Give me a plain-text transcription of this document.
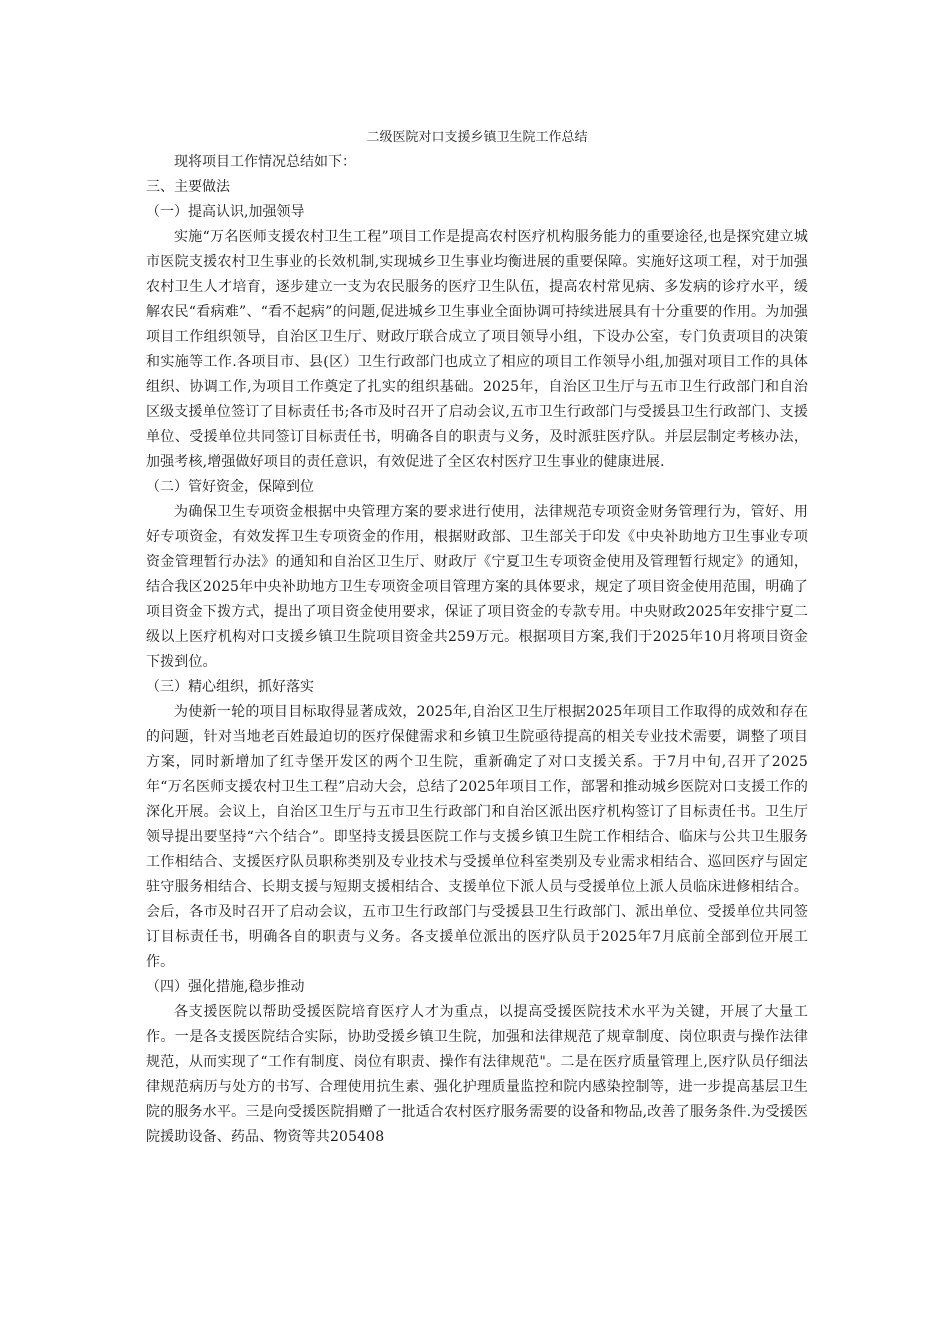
二级医院对口支援乡镇卫生院工作总结

现将项目工作情况总结如下：

三、主要做法

（一）提高认识,加强领导

实施“万名医师支援农村卫生工程”项目工作是提高农村医疗机构服务能力的重要途径,也是探究建立城市医院支援农村卫生事业的长效机制,实现城乡卫生事业均衡进展的重要保障。实施好这项工程，对于加强农村卫生人才培育，逐步建立一支为农民服务的医疗卫生队伍，提高农村常见病、多发病的诊疗水平，缓解农民“看病难”、“看不起病”的问题,促进城乡卫生事业全面协调可持续进展具有十分重要的作用。为加强项目工作组织领导，自治区卫生厅、财政厅联合成立了项目领导小组，下设办公室，专门负责项目的决策和实施等工作.各项目市、县(区）卫生行政部门也成立了相应的项目工作领导小组,加强对项目工作的具体组织、协调工作,为项目工作奠定了扎实的组织基础。2025年，自治区卫生厅与五市卫生行政部门和自治区级支援单位签订了目标责任书;各市及时召开了启动会议,五市卫生行政部门与受援县卫生行政部门、支援单位、受援单位共同签订目标责任书，明确各自的职责与义务，及时派驻医疗队。并层层制定考核办法，加强考核,增强做好项目的责任意识，有效促进了全区农村医疗卫生事业的健康进展.

（二）管好资金，保障到位

为确保卫生专项资金根据中央管理方案的要求进行使用，法律规范专项资金财务管理行为，管好、用好专项资金，有效发挥卫生专项资金的作用，根据财政部、卫生部关于印发《中央补助地方卫生事业专项资金管理暂行办法》的通知和自治区卫生厅、财政厅《宁夏卫生专项资金使用及管理暂行规定》的通知，结合我区2025年中央补助地方卫生专项资金项目管理方案的具体要求，规定了项目资金使用范围，明确了项目资金下拨方式，提出了项目资金使用要求，保证了项目资金的专款专用。中央财政2025年安排宁夏二级以上医疗机构对口支援乡镇卫生院项目资金共259万元。根据项目方案,我们于2025年10月将项目资金下拨到位。

（三）精心组织，抓好落实

为使新一轮的项目目标取得显著成效，2025年,自治区卫生厅根据2025年项目工作取得的成效和存在的问题，针对当地老百姓最迫切的医疗保健需求和乡镇卫生院亟待提高的相关专业技术需要，调整了项目方案，同时新增加了红寺堡开发区的两个卫生院，重新确定了对口支援关系。于7月中旬,召开了2025年“万名医师支援农村卫生工程”启动大会，总结了2025年项目工作，部署和推动城乡医院对口支援工作的深化开展。会议上，自治区卫生厅与五市卫生行政部门和自治区派出医疗机构签订了目标责任书。卫生厅领导提出要坚持“六个结合”。即坚持支援县医院工作与支援乡镇卫生院工作相结合、临床与公共卫生服务工作相结合、支援医疗队员职称类别及专业技术与受援单位科室类别及专业需求相结合、巡回医疗与固定驻守服务相结合、长期支援与短期支援相结合、支援单位下派人员与受援单位上派人员临床进修相结合。会后，各市及时召开了启动会议，五市卫生行政部门与受援县卫生行政部门、派出单位、受援单位共同签订目标责任书，明确各自的职责与义务。各支援单位派出的医疗队员于2025年7月底前全部到位开展工作。

（四）强化措施,稳步推动

各支援医院以帮助受援医院培育医疗人才为重点，以提高受援医院技术水平为关键，开展了大量工作。一是各支援医院结合实际，协助受援乡镇卫生院，加强和法律规范了规章制度、岗位职责与操作法律规范，从而实现了“工作有制度、岗位有职责、操作有法律规范"。二是在医疗质量管理上,医疗队员仔细法律规范病历与处方的书写、合理使用抗生素、强化护理质量监控和院内感染控制等，进一步提高基层卫生院的服务水平。三是向受援医院捐赠了一批适合农村医疗服务需要的设备和物品,改善了服务条件.为受援医院援助设备、药品、物资等共205408
